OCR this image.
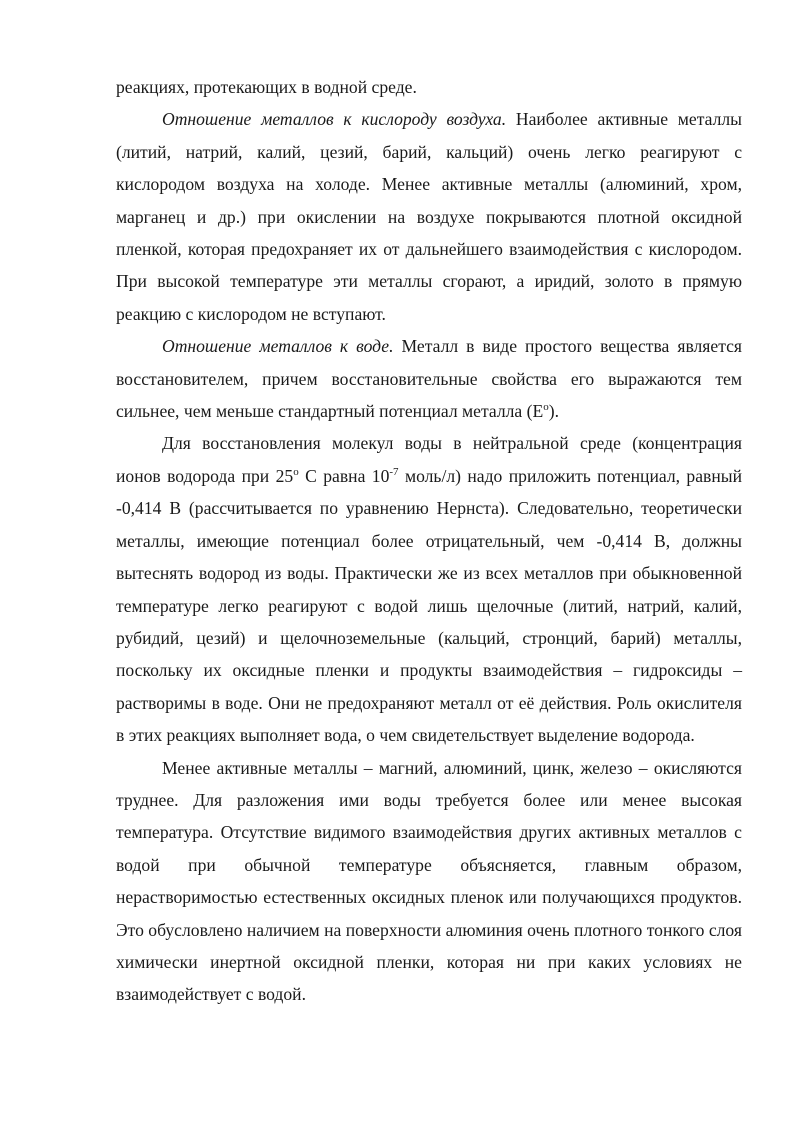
реакциях, протекающих в водной среде.

Отношение металлов к кислороду воздуха. Наиболее активные металлы (литий, натрий, калий, цезий, барий, кальций) очень легко реагируют с кислородом воздуха на холоде. Менее активные металлы (алюминий, хром, марганец и др.) при окислении на воздухе покрываются плотной оксидной пленкой, которая предохраняет их от дальнейшего взаимодействия с кислородом. При высокой температуре эти металлы сгорают, а иридий, золото в прямую реакцию с кислородом не вступают.

Отношение металлов к воде. Металл в виде простого вещества является восстановителем, причем восстановительные свойства его выражаются тем сильнее, чем меньше стандартный потенциал металла $(E^o)$.

Для восстановления молекул воды в нейтральной среде (концентрация ионов водорода при 25$^o$ С равна $10^{-7}$ моль/л) надо приложить потенциал, равный -0,414 В (рассчитывается по уравнению Нернста). Следовательно, теоретически металлы, имеющие потенциал более отрицательный, чем -0,414 В, должны вытеснять водород из воды. Практически же из всех металлов при обыкновенной температуре легко реагируют с водой лишь щелочные (литий, натрий, калий, рубидий, цезий) и щелочноземельные (кальций, стронций, барий) металлы, поскольку их оксидные пленки и продукты взаимодействия – гидроксиды – растворимы в воде. Они не предохраняют металл от её действия. Роль окислителя в этих реакциях выполняет вода, о чем свидетельствует выделение водорода.

Менее активные металлы – магний, алюминий, цинк, железо – окисляются труднее. Для разложения ими воды требуется более или менее высокая температура. Отсутствие видимого взаимодействия других активных металлов с водой при обычной температуре объясняется, главным образом, нерастворимостью естественных оксидных пленок или получающихся продуктов. Это обусловлено наличием на поверхности алюминия очень плотного тонкого слоя химически инертной оксидной пленки, которая ни при каких условиях не взаимодействует с водой.
